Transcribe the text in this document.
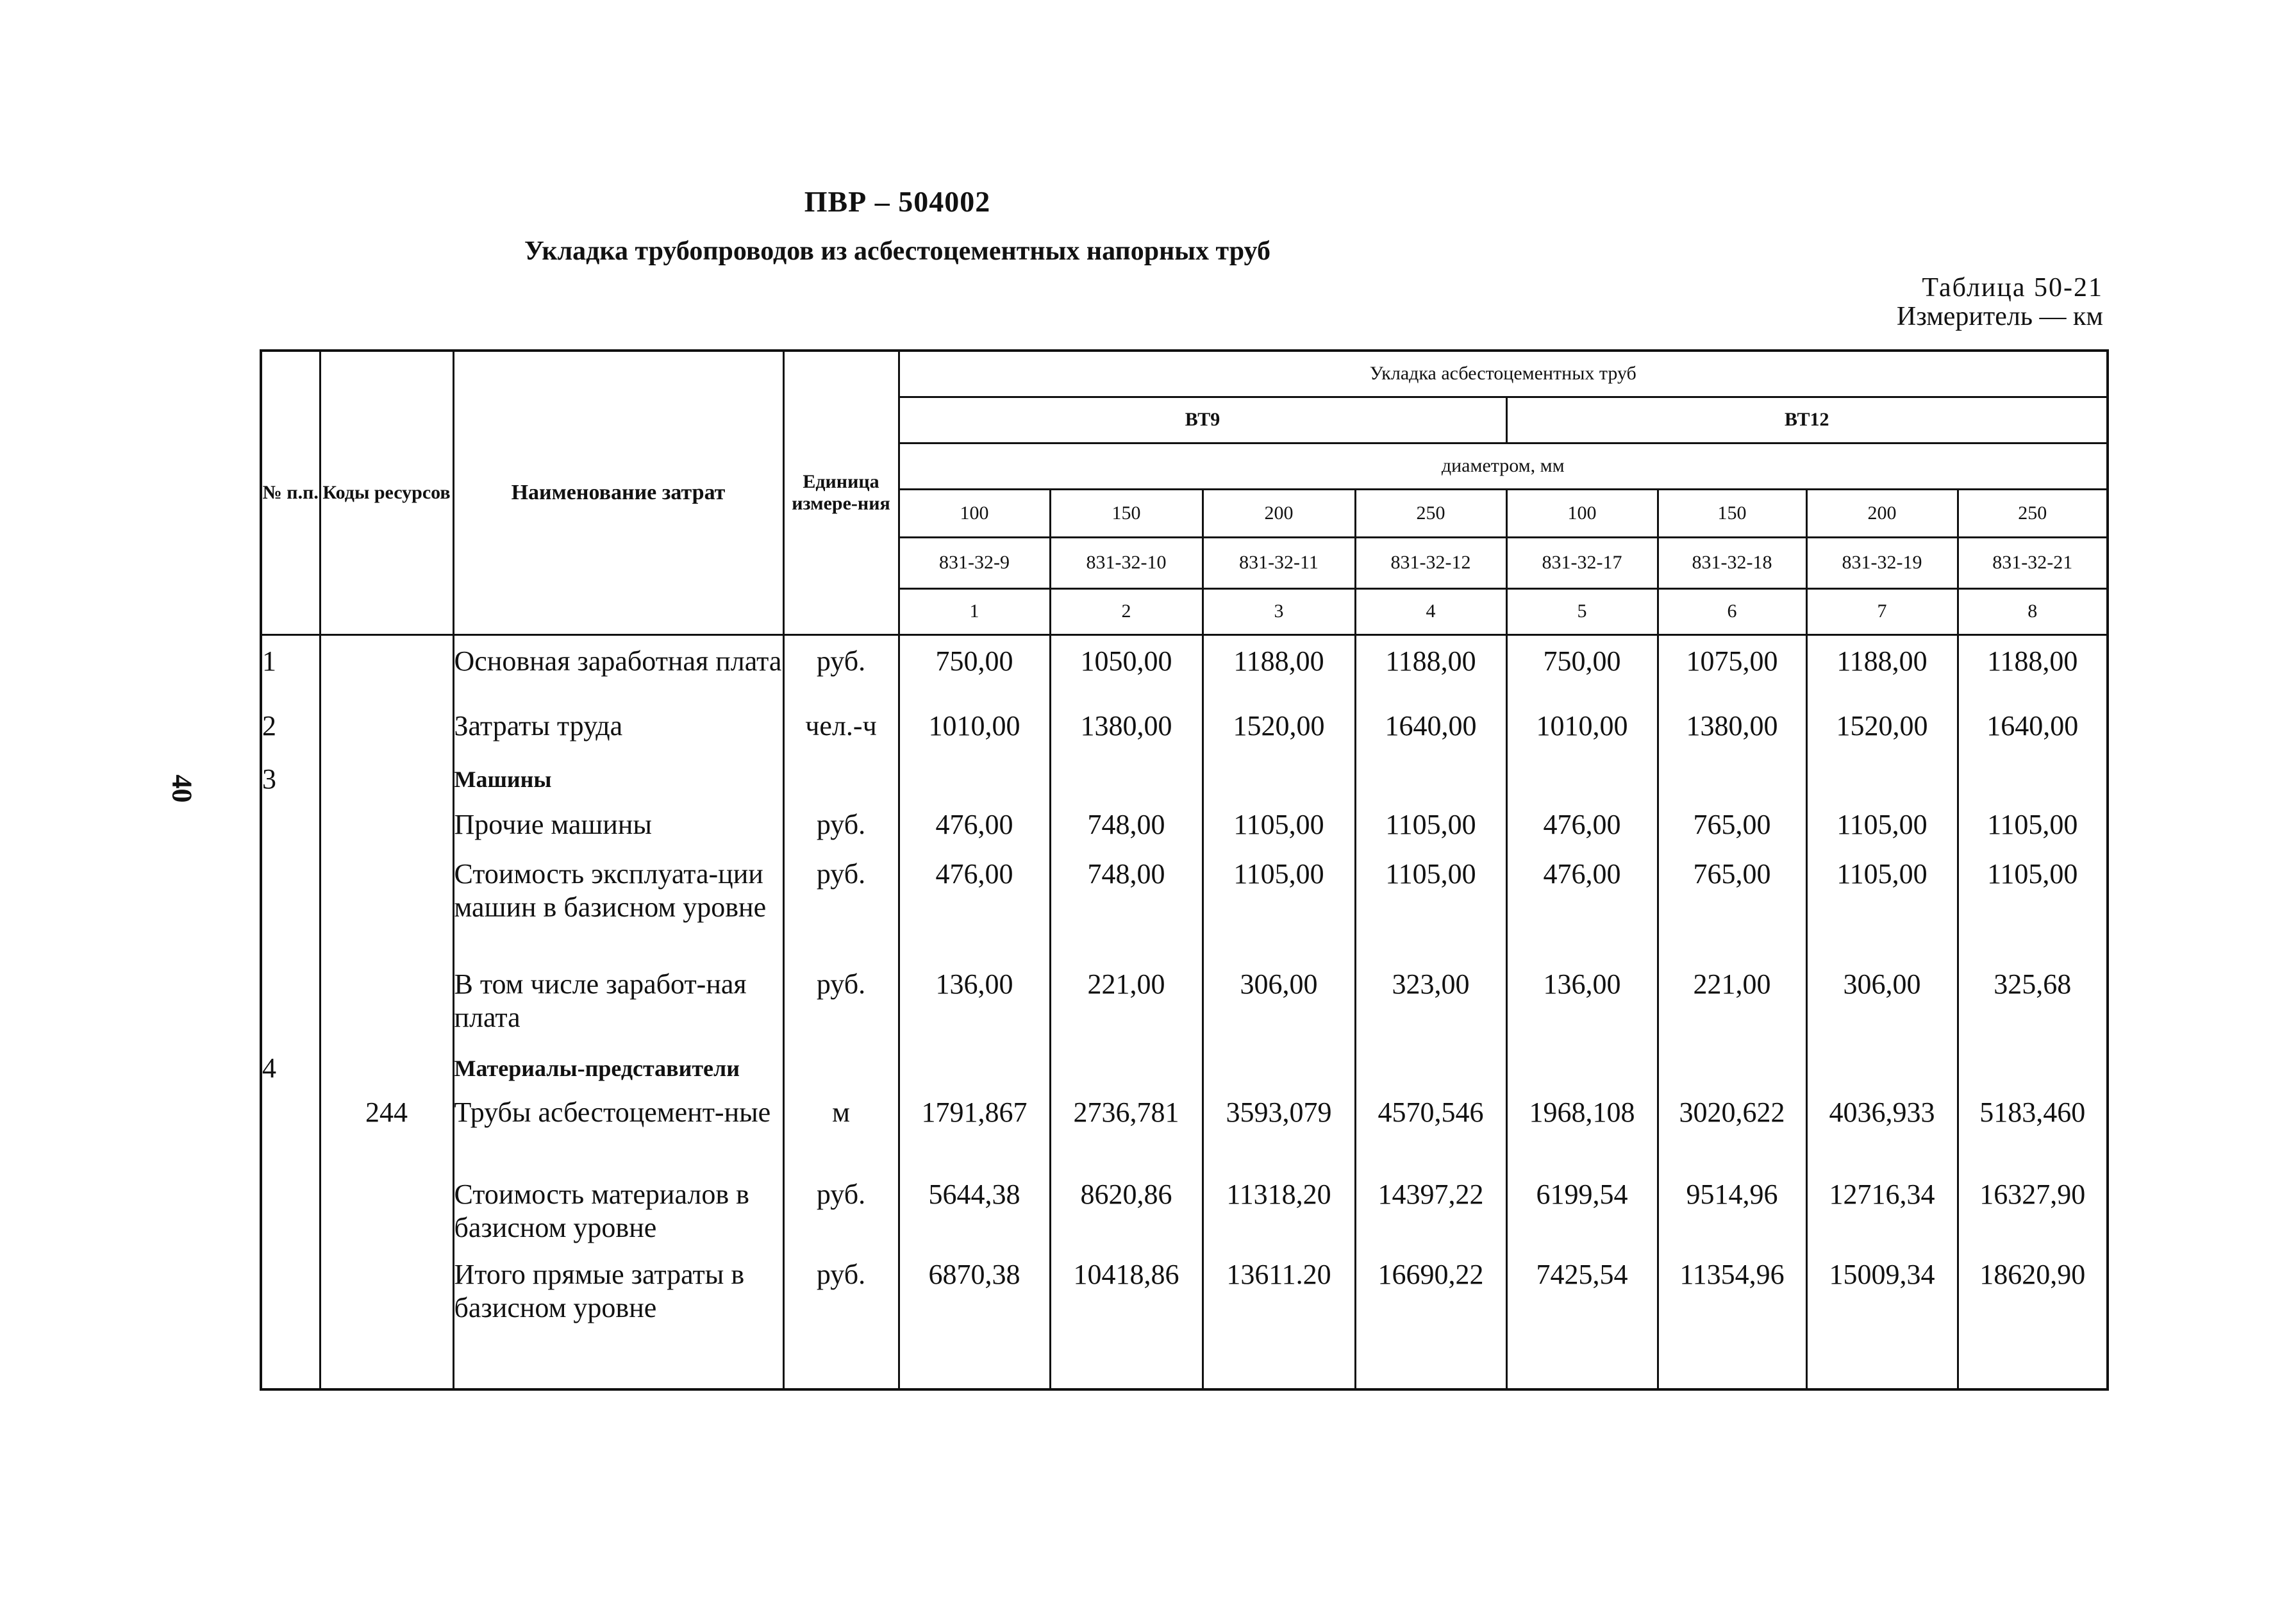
ПВР – 504002
Укладка трубопроводов из асбестоцементных напорных труб
Таблица 50-21
Измеритель — км
40
№ п.п.	Коды ресурсов	Наименование затрат	Единица измере-ния	Укладка асбестоцементных труб							
				ВТ9				ВТ12			
				диаметром, мм							
				100	150	200	250	100	150	200	250
				831-32-9	831-32-10	831-32-11	831-32-12	831-32-17	831-32-18	831-32-19	831-32-21
				1	2	3	4	5	6	7	8

1		Основная заработная плата	руб.	750,00	1050,00	1188,00	1188,00	750,00	1075,00	1188,00	1188,00
2		Затраты труда	чел.-ч	1010,00	1380,00	1520,00	1640,00	1010,00	1380,00	1520,00	1640,00
3		Машины									
		Прочие машины	руб.	476,00	748,00	1105,00	1105,00	476,00	765,00	1105,00	1105,00
		Стоимость эксплуата-ции машин в базисном уровне	руб.	476,00	748,00	1105,00	1105,00	476,00	765,00	1105,00	1105,00
		В том числе заработ-ная плата	руб.	136,00	221,00	306,00	323,00	136,00	221,00	306,00	325,68
4		Материалы-представители									
	244	Трубы асбестоцемент-ные	м	1791,867	2736,781	3593,079	4570,546	1968,108	3020,622	4036,933	5183,460
		Стоимость материалов в базисном уровне	руб.	5644,38	8620,86	11318,20	14397,22	6199,54	9514,96	12716,34	16327,90
		Итого прямые затраты в базисном уровне	руб.	6870,38	10418,86	13611.20	16690,22	7425,54	11354,96	15009,34	18620,90
